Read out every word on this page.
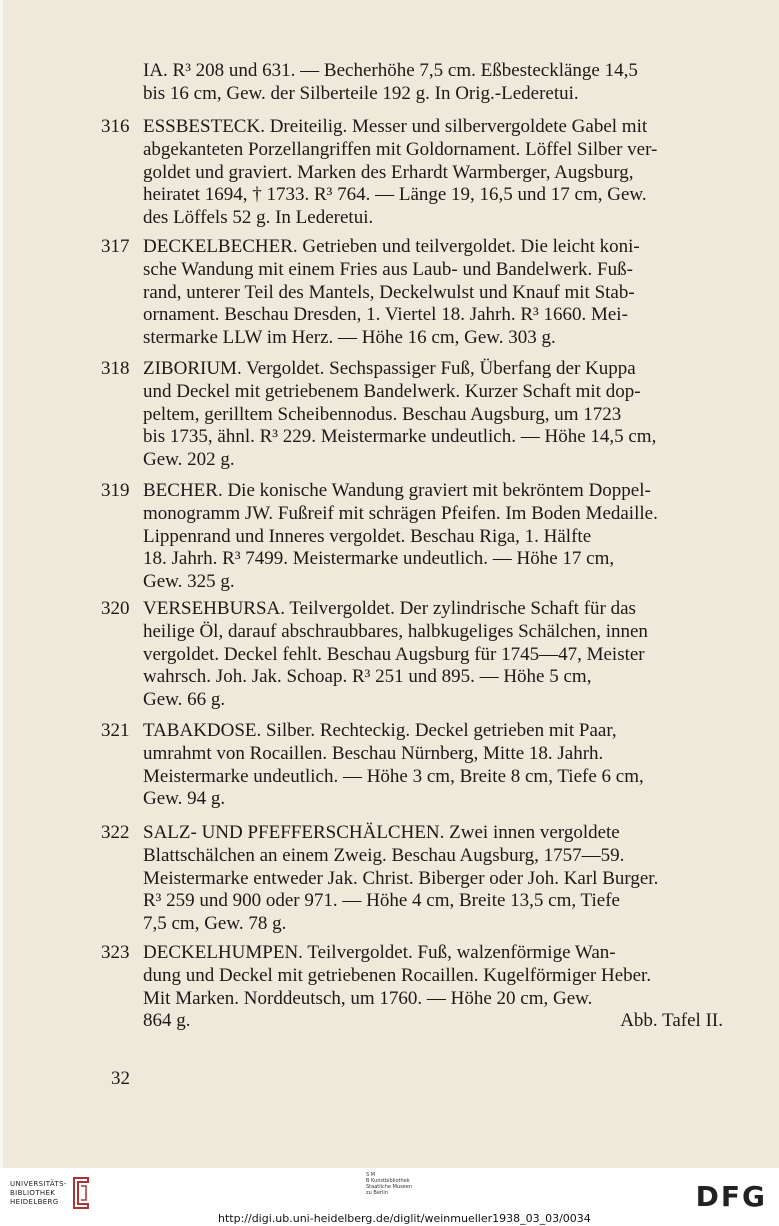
IA. R³ 208 und 631. — Becherhöhe 7,5 cm. Eßbestecklänge 14,5
bis 16 cm, Gew. der Silberteile 192 g. In Orig.-Lederetui.
316 ESSBESTECK. Dreiteilig. Messer und silbervergoldete Gabel mit
abgekanteten Porzellangriffen mit Goldornament. Löffel Silber ver-
goldet und graviert. Marken des Erhardt Warmberger, Augsburg,
heiratet 1694, † 1733. R³ 764. — Länge 19, 16,5 und 17 cm, Gew.
des Löffels 52 g. In Lederetui.
317 DECKELBECHER. Getrieben und teilvergoldet. Die leicht koni-
sche Wandung mit einem Fries aus Laub- und Bandelwerk. Fuß-
rand, unterer Teil des Mantels, Deckelwulst und Knauf mit Stab-
ornament. Beschau Dresden, 1. Viertel 18. Jahrh. R³ 1660. Mei-
stermarke LLW im Herz. — Höhe 16 cm, Gew. 303 g.
318 ZIBORIUM. Vergoldet. Sechspassiger Fuß, Überfang der Kuppa
und Deckel mit getriebenem Bandelwerk. Kurzer Schaft mit dop-
peltem, gerilltem Scheibennodus. Beschau Augsburg, um 1723
bis 1735, ähnl. R³ 229. Meistermarke undeutlich. — Höhe 14,5 cm,
Gew. 202 g.
319 BECHER. Die konische Wandung graviert mit bekröntem Doppel-
monogramm JW. Fußreif mit schrägen Pfeifen. Im Boden Medaille.
Lippenrand und Inneres vergoldet. Beschau Riga, 1. Hälfte
18. Jahrh. R³ 7499. Meistermarke undeutlich. — Höhe 17 cm,
Gew. 325 g.
320 VERSEHBURSA. Teilvergoldet. Der zylindrische Schaft für das
heilige Öl, darauf abschraubbares, halbkugeliges Schälchen, innen
vergoldet. Deckel fehlt. Beschau Augsburg für 1745—47, Meister
wahrsch. Joh. Jak. Schoap. R³ 251 und 895. — Höhe 5 cm,
Gew. 66 g.
321 TABAKDOSE. Silber. Rechteckig. Deckel getrieben mit Paar,
umrahmt von Rocaillen. Beschau Nürnberg, Mitte 18. Jahrh.
Meistermarke undeutlich. — Höhe 3 cm, Breite 8 cm, Tiefe 6 cm,
Gew. 94 g.
322 SALZ- UND PFEFFERSCHÄLCHEN. Zwei innen vergoldete
Blattschälchen an einem Zweig. Beschau Augsburg, 1757—59.
Meistermarke entweder Jak. Christ. Biberger oder Joh. Karl Burger.
R³ 259 und 900 oder 971. — Höhe 4 cm, Breite 13,5 cm, Tiefe
7,5 cm, Gew. 78 g.
323 DECKELHUMPEN. Teilvergoldet. Fuß, walzenförmige Wan-
dung und Deckel mit getriebenen Rocaillen. Kugelförmiger Heber.
Mit Marken. Norddeutsch, um 1760. — Höhe 20 cm, Gew.
864 g.	Abb. Tafel II.
32
UNIVERSITÄTS-
BIBLIOTHEK
HEIDELBERG
S M
B Kunstbibliothek
Staatliche Museen
zu Berlin	DFG
http://digi.ub.uni-heidelberg.de/diglit/weinmueller1938_03_03/0034
